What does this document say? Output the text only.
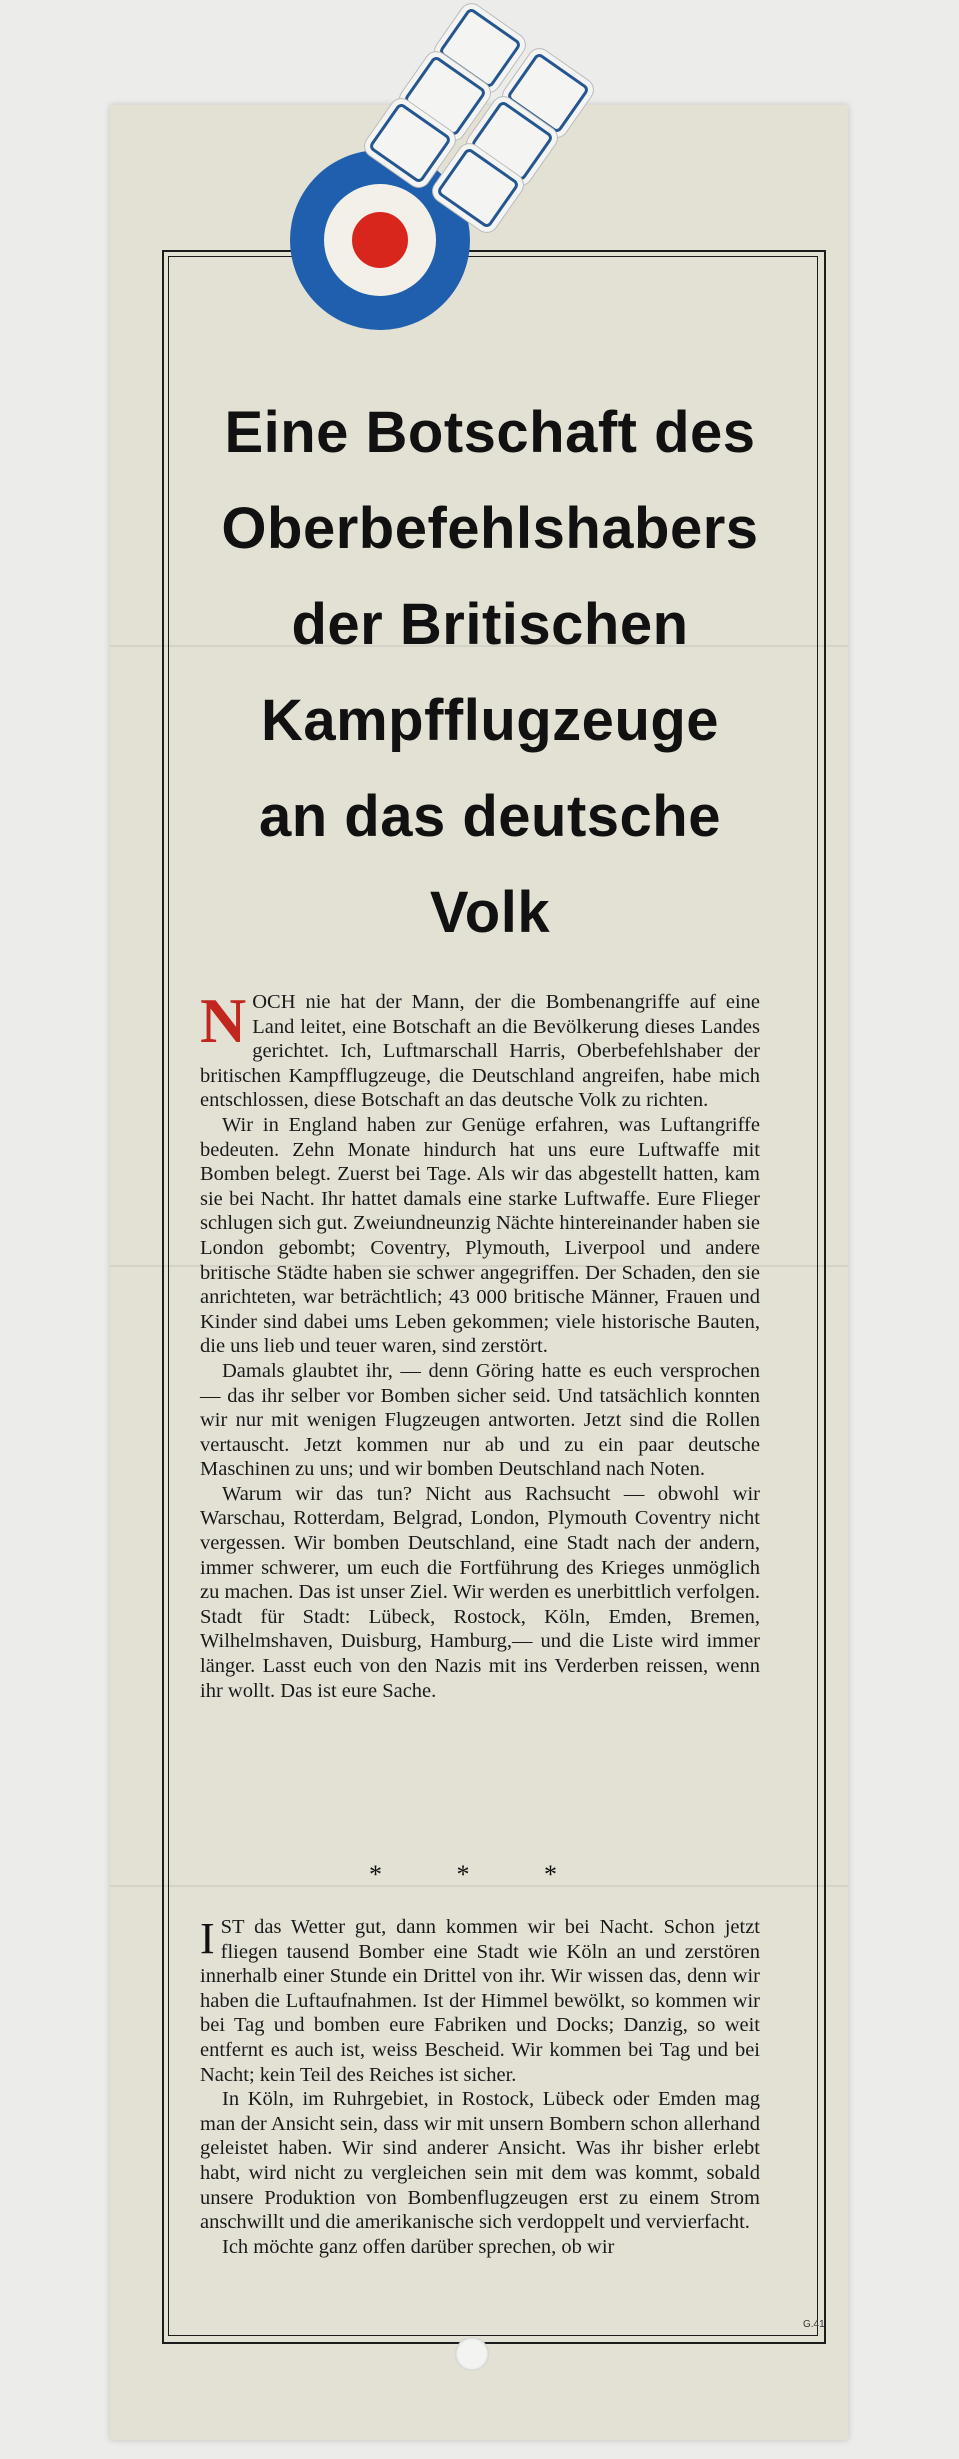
Eine Botschaft des
Oberbefehlshabers
der Britischen
Kampfflugzeuge
an das deutsche
Volk

NOCH nie hat der Mann, der die Bombenangriffe auf eine Land leitet, eine Botschaft an die Bevölkerung dieses Landes gerichtet. Ich, Luftmarschall Harris, Oberbefehlshaber der britischen Kampfflugzeuge, die Deutschland angreifen, habe mich entschlossen, diese Botschaft an das deutsche Volk zu richten.

Wir in England haben zur Genüge erfahren, was Luftangriffe bedeuten. Zehn Monate hindurch hat uns eure Luftwaffe mit Bomben belegt. Zuerst bei Tage. Als wir das abgestellt hatten, kam sie bei Nacht. Ihr hattet damals eine starke Luftwaffe. Eure Flieger schlugen sich gut. Zweiundneunzig Nächte hintereinander haben sie London gebombt; Coventry, Plymouth, Liverpool und andere britische Städte haben sie schwer angegriffen. Der Schaden, den sie anrichteten, war beträchtlich; 43 000 britische Männer, Frauen und Kinder sind dabei ums Leben gekommen; viele historische Bauten, die uns lieb und teuer waren, sind zerstört.

Damals glaubtet ihr, — denn Göring hatte es euch versprochen — das ihr selber vor Bomben sicher seid. Und tatsächlich konnten wir nur mit wenigen Flugzeugen antworten. Jetzt sind die Rollen vertauscht. Jetzt kommen nur ab und zu ein paar deutsche Maschinen zu uns; und wir bomben Deutschland nach Noten.

Warum wir das tun? Nicht aus Rachsucht — obwohl wir Warschau, Rotterdam, Belgrad, London, Plymouth Coventry nicht vergessen. Wir bomben Deutschland, eine Stadt nach der andern, immer schwerer, um euch die Fortführung des Krieges unmöglich zu machen. Das ist unser Ziel. Wir werden es unerbittlich verfolgen. Stadt für Stadt: Lübeck, Rostock, Köln, Emden, Bremen, Wilhelmshaven, Duisburg, Hamburg,— und die Liste wird immer länger. Lasst euch von den Nazis mit ins Verderben reissen, wenn ihr wollt. Das ist eure Sache.

* * *

IST das Wetter gut, dann kommen wir bei Nacht. Schon jetzt fliegen tausend Bomber eine Stadt wie Köln an und zerstören innerhalb einer Stunde ein Drittel von ihr. Wir wissen das, denn wir haben die Luftaufnahmen. Ist der Himmel bewölkt, so kommen wir bei Tag und bomben eure Fabriken und Docks; Danzig, so weit entfernt es auch ist, weiss Bescheid. Wir kommen bei Tag und bei Nacht; kein Teil des Reiches ist sicher.

In Köln, im Ruhrgebiet, in Rostock, Lübeck oder Emden mag man der Ansicht sein, dass wir mit unsern Bombern schon allerhand geleistet haben. Wir sind anderer Ansicht. Was ihr bisher erlebt habt, wird nicht zu vergleichen sein mit dem was kommt, sobald unsere Produktion von Bombenflugzeugen erst zu einem Strom anschwillt und die amerikanische sich verdoppelt und vervierfacht.

Ich möchte ganz offen darüber sprechen, ob wir

G.41
